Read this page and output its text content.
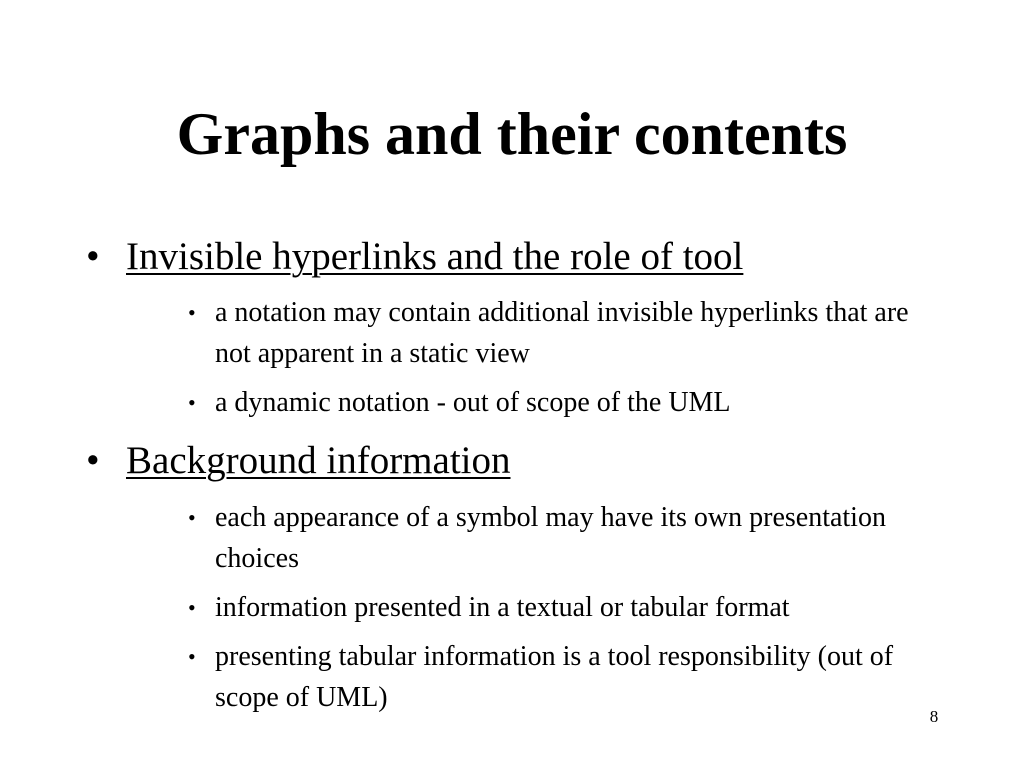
Graphs and their contents
• Invisible hyperlinks and the role of tool
• a notation may contain additional invisible hyperlinks that are not apparent in a static view
• a dynamic notation - out of scope of the UML
• Background information
• each appearance of a symbol may have its own presentation choices
• information presented in a textual or tabular format
• presenting tabular information is a tool responsibility (out of scope of UML)
8
